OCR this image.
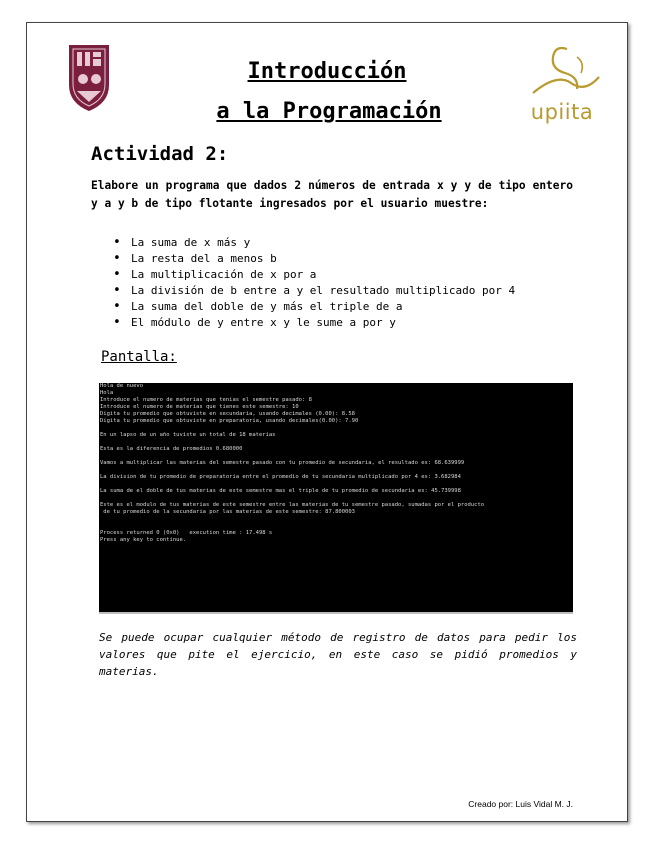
upiita
Introducción
a la Programación
Actividad 2:
Elabore un programa que dados 2 números de entrada x y y de tipo entero y a y b de tipo flotante ingresados por el usuario muestre:
• La suma de x más y
• La resta del a menos b
• La multiplicación de x por a
• La división de b entre a y el resultado multiplicado por 4
• La suma del doble de y más el triple de a
• El módulo de y entre x y le sume a por y
Pantalla:
Hola de nuevo
Hola
Introduce el numero de materias que tenias el semestre pasado: 8
Introduce el numero de materias que tienes este semestre: 10
Digita tu promedio que obtuviste en secundaria, usando decimales (0.00): 8.58
Digita tu promedio que obtuviste en preparatoria, usando decimales(0.00): 7.90

En un lapso de un año tuviste un total de 18 materias

Esta es la diferencia de promedios 0.680000

Vamos a multiplicar las materias del semestre pasado con tu promedio de secundaria, el resultado es: 68.639999

La division de tu promedio de preparatoria entre el promedio de tu secundaria multiplicado por 4 es: 3.682984

La suma de el doble de tus materias de este semestre mas el triple de tu promedio de secundaria es: 45.739998

Este es el modulo de tus materias de este semestre entre las materias de tu semestre pasado, sumadas por el producto
de tu promedio de la secundaria por las materias de este semestre: 87.800003

Process returned 0 (0x0)   execution time : 17.498 s
Press any key to continue.
Se puede ocupar cualquier método de registro de datos para pedir los valores que pite el ejercicio, en este caso se pidió promedios y materias.
Creado por: Luis Vidal M. J.
